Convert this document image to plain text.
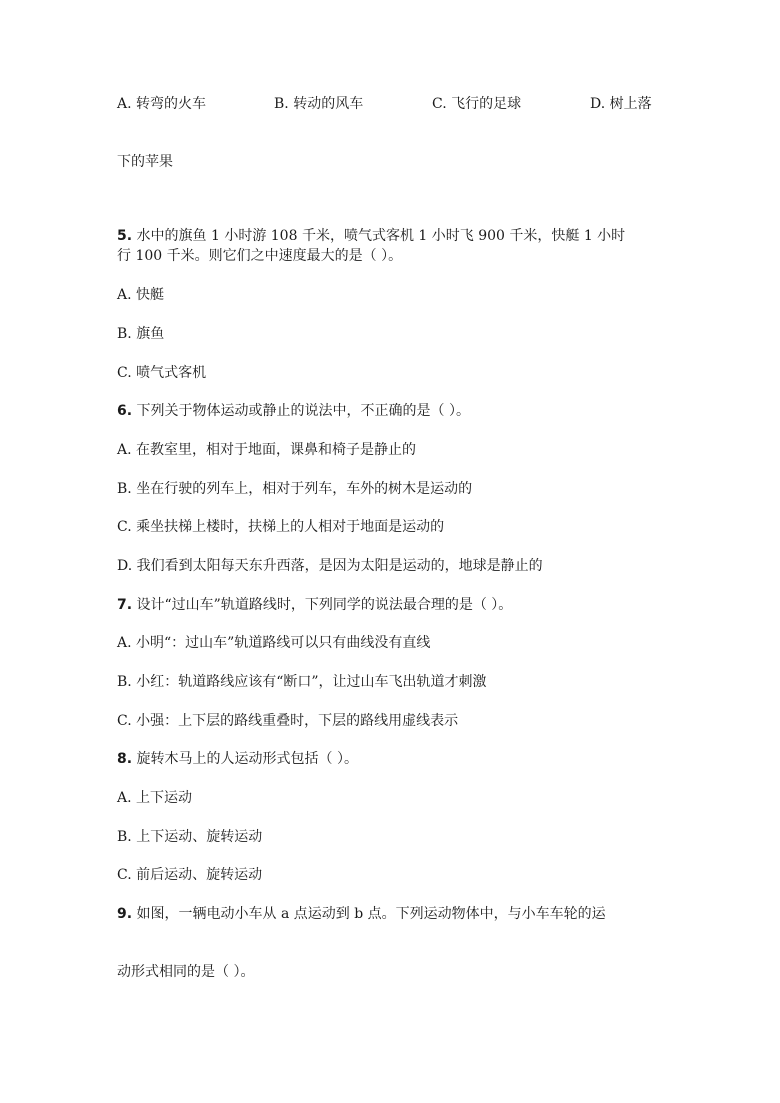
A. 转弯的火车	B. 转动的风车	C. 飞行的足球	D. 树上落
下的苹果
5. 水中的旗鱼 1 小时游 108 千米，喷气式客机 1 小时飞 900 千米，快艇 1 小时
行 100 千米。则它们之中速度最大的是（ ）。
A. 快艇
B. 旗鱼
C. 喷气式客机
6. 下列关于物体运动或静止的说法中，不正确的是（ ）。
A. 在教室里，相对于地面，课鼻和椅子是静止的
B. 坐在行驶的列车上，相对于列车，车外的树木是运动的
C. 乘坐扶梯上楼时，扶梯上的人相对于地面是运动的
D. 我们看到太阳每天东升西落，是因为太阳是运动的，地球是静止的
7. 设计“过山车”轨道路线时，下列同学的说法最合理的是（ ）。
A. 小明“：过山车”轨道路线可以只有曲线没有直线
B. 小红：轨道路线应该有“断口”，让过山车飞出轨道才刺激
C. 小强：上下层的路线重叠时，下层的路线用虚线表示
8. 旋转木马上的人运动形式包括（ ）。
A. 上下运动
B. 上下运动、旋转运动
C. 前后运动、旋转运动
9. 如图，一辆电动小车从 a 点运动到 b 点。下列运动物体中，与小车车轮的运
动形式相同的是（ ）。
